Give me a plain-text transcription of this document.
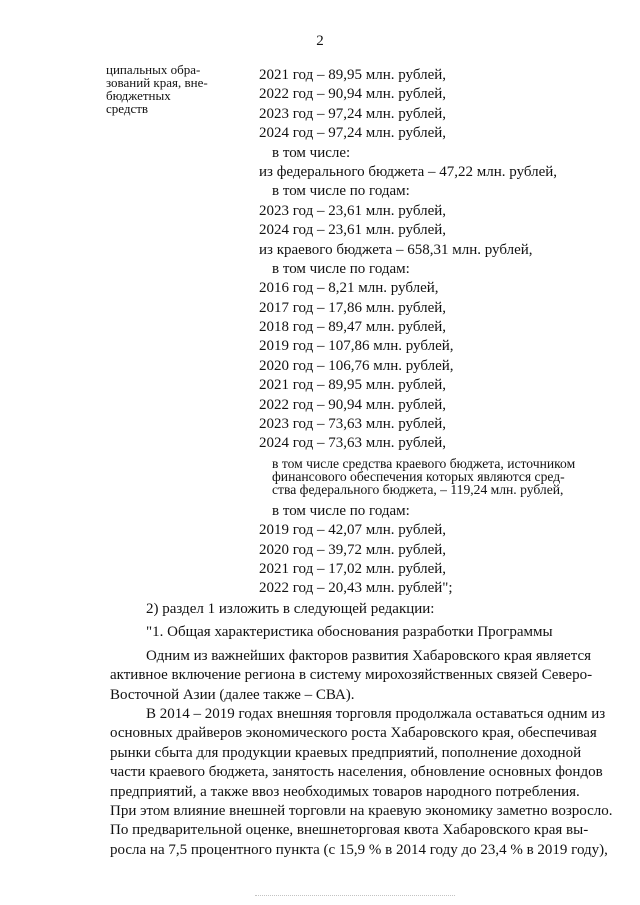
2
ципальных обра-
зований края, вне-
бюджетных
средств
2021 год – 89,95 млн. рублей,
2022 год – 90,94 млн. рублей,
2023 год – 97,24 млн. рублей,
2024 год – 97,24 млн. рублей,
в том числе:
из федерального бюджета – 47,22 млн. рублей,
в том числе по годам:
2023 год – 23,61 млн. рублей,
2024 год – 23,61 млн. рублей,
из краевого бюджета – 658,31 млн. рублей,
в том числе по годам:
2016 год – 8,21 млн. рублей,
2017 год – 17,86 млн. рублей,
2018 год – 89,47 млн. рублей,
2019 год – 107,86 млн. рублей,
2020 год – 106,76 млн. рублей,
2021 год – 89,95 млн. рублей,
2022 год – 90,94 млн. рублей,
2023 год – 73,63 млн. рублей,
2024 год – 73,63 млн. рублей,
в том числе средства краевого бюджета, источником
финансового обеспечения которых являются сред-
ства федерального бюджета, – 119,24 млн. рублей,
в том числе по годам:
2019 год – 42,07 млн. рублей,
2020 год – 39,72 млн. рублей,
2021 год – 17,02 млн. рублей,
2022 год – 20,43 млн. рублей";
2) раздел 1 изложить в следующей редакции:
"1. Общая характеристика обоснования разработки Программы
Одним из важнейших факторов развития Хабаровского края является
активное включение региона в систему мирохозяйственных связей Северо-
Восточной Азии (далее также – СВА).
В 2014 – 2019 годах внешняя торговля продолжала оставаться одним из
основных драйверов экономического роста Хабаровского края, обеспечивая
рынки сбыта для продукции краевых предприятий, пополнение доходной
части краевого бюджета, занятость населения, обновление основных фондов
предприятий, а также ввоз необходимых товаров народного потребления.
При этом влияние внешней торговли на краевую экономику заметно возросло.
По предварительной оценке, внешнеторговая квота Хабаровского края вы-
росла на 7,5 процентного пункта (с 15,9 % в 2014 году до 23,4 % в 2019 году),
